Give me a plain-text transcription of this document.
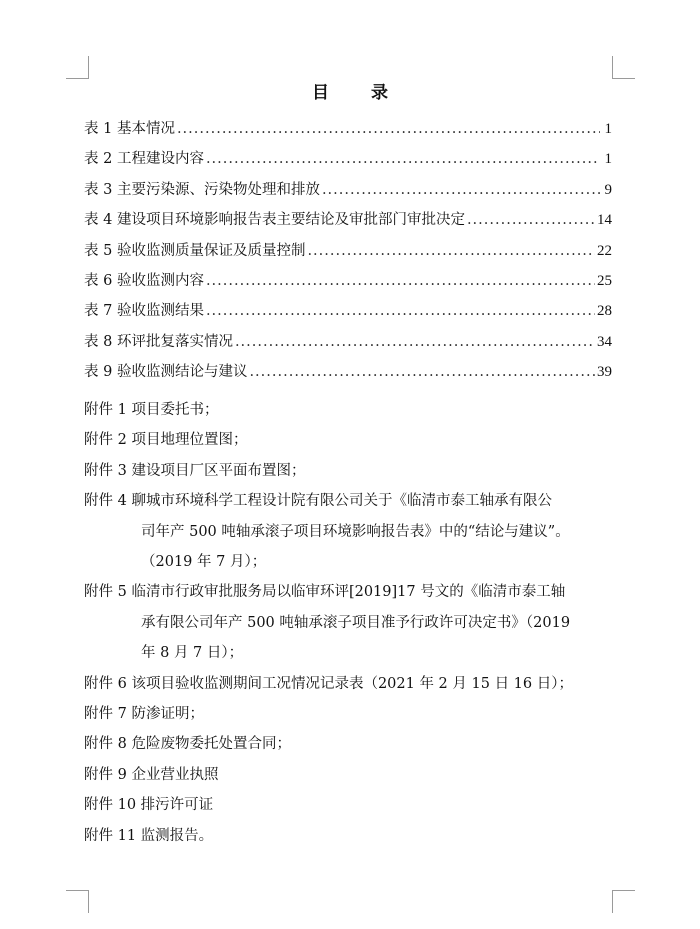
目 录
表 1 基本情况 .....	1
表 2 工程建设内容 .....	1
表 3 主要污染源、污染物处理和排放 .....	9
表 4 建设项目环境影响报告表主要结论及审批部门审批决定 .....	14
表 5 验收监测质量保证及质量控制 .....	22
表 6 验收监测内容 .....	25
表 7 验收监测结果 .....	28
表 8 环评批复落实情况 .....	34
表 9 验收监测结论与建议 .....	39
附件 1 项目委托书；
附件 2 项目地理位置图；
附件 3 建设项目厂区平面布置图；
附件 4 聊城市环境科学工程设计院有限公司关于《临清市泰工轴承有限公
司年产 500 吨轴承滚子项目环境影响报告表》中的“结论与建议”。
（2019 年 7 月）；
附件 5 临清市行政审批服务局以临审环评[2019]17 号文的《临清市泰工轴
承有限公司年产 500 吨轴承滚子项目准予行政许可决定书》（2019
年 8 月 7 日）；
附件 6 该项目验收监测期间工况情况记录表（2021 年 2 月 15 日 16 日）；
附件 7 防渗证明；
附件 8 危险废物委托处置合同；
附件 9 企业营业执照
附件 10 排污许可证
附件 11 监测报告。
